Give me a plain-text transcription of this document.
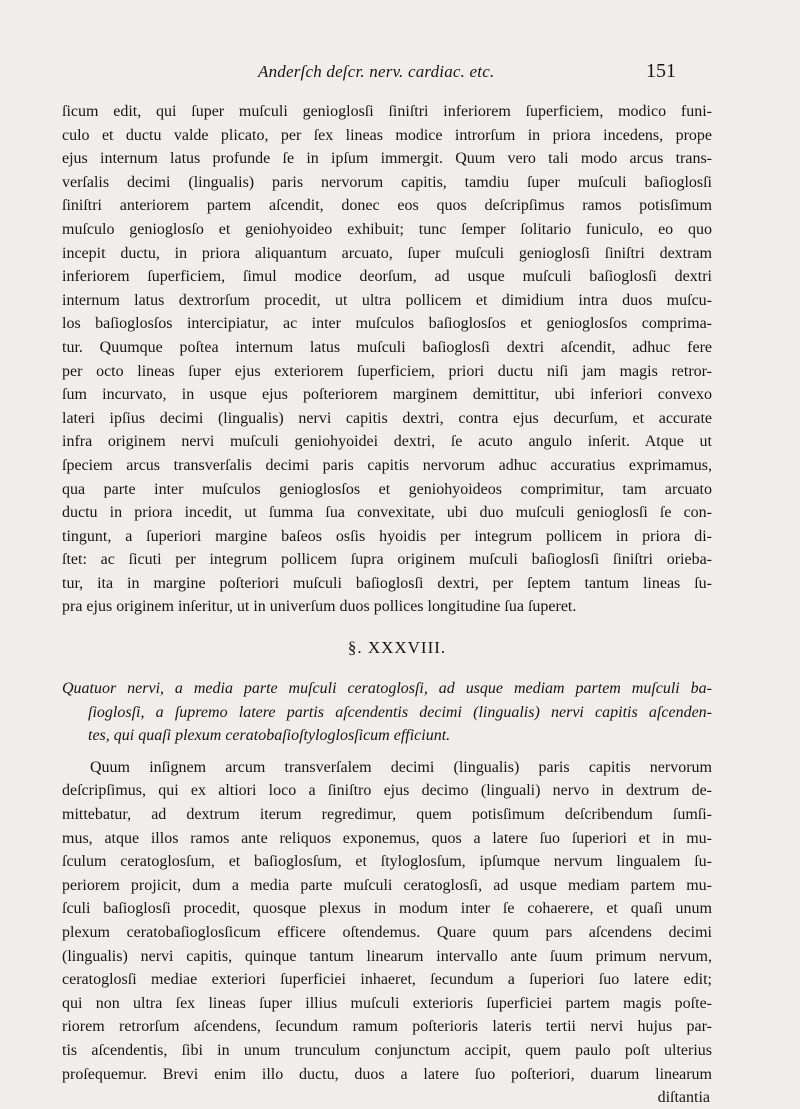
Anderſch deſcr. nerv. cardiac. etc.	151
ſicum edit, qui ſuper muſculi genioglosſi ſiniſtri inferiorem ſuperficiem, modico funi-
culo et ductu valde plicato, per ſex lineas modice introrſum in priora incedens, prope
ejus internum latus profunde ſe in ipſum immergit. Quum vero tali modo arcus trans-
verſalis decimi (lingualis) paris nervorum capitis, tamdiu ſuper muſculi baſioglosſi
ſiniſtri anteriorem partem aſcendit, donec eos quos deſcripſimus ramos potisſimum
muſculo genioglosſo et geniohyoideo exhibuit; tunc ſemper ſolitario funiculo, eo quo
incepit ductu, in priora aliquantum arcuato, ſuper muſculi genioglosſi ſiniſtri dextram
inferiorem ſuperficiem, ſimul modice deorſum, ad usque muſculi baſioglosſi dextri
internum latus dextrorſum procedit, ut ultra pollicem et dimidium intra duos muſcu-
los baſioglosſos intercipiatur, ac inter muſculos baſioglosſos et genioglosſos comprima-
tur. Quumque poſtea internum latus muſculi baſioglosſi dextri aſcendit, adhuc fere
per octo lineas ſuper ejus exteriorem ſuperficiem, priori ductu niſi jam magis retror-
ſum incurvato, in usque ejus poſteriorem marginem demittitur, ubi inferiori convexo
lateri ipſius decimi (lingualis) nervi capitis dextri, contra ejus decurſum, et accurate
infra originem nervi muſculi geniohyoidei dextri, ſe acuto angulo inſerit. Atque ut
ſpeciem arcus transverſalis decimi paris capitis nervorum adhuc accuratius exprimamus,
qua parte inter muſculos genioglosſos et geniohyoideos comprimitur, tam arcuato
ductu in priora incedit, ut ſumma ſua convexitate, ubi duo muſculi genioglosſi ſe con-
tingunt, a ſuperiori margine baſeos osſis hyoidis per integrum pollicem in priora di-
ſtet: ac ſicuti per integrum pollicem ſupra originem muſculi baſioglosſi ſiniſtri orieba-
tur, ita in margine poſteriori muſculi baſioglosſi dextri, per ſeptem tantum lineas ſu-
pra ejus originem inſeritur, ut in univerſum duos pollices longitudine ſua ſuperet.
§. XXXVIII.
Quatuor nervi, a media parte muſculi ceratoglosſi, ad usque mediam partem muſculi ba-
ſioglosſi, a ſupremo latere partis aſcendentis decimi (lingualis) nervi capitis aſcenden-
tes, qui quaſi plexum ceratobaſioſtyloglosſicum efficiunt.
Quum inſignem arcum transverſalem decimi (lingualis) paris capitis nervorum
deſcripſimus, qui ex altiori loco a ſiniſtro ejus decimo (linguali) nervo in dextrum de-
mittebatur, ad dextrum iterum regredimur, quem potisſimum deſcribendum ſumſi-
mus, atque illos ramos ante reliquos exponemus, quos a latere ſuo ſuperiori et in mu-
ſculum ceratoglosſum, et baſioglosſum, et ſtyloglosſum, ipſumque nervum lingualem ſu-
periorem projicit, dum a media parte muſculi ceratoglosſi, ad usque mediam partem mu-
ſculi baſioglosſi procedit, quosque plexus in modum inter ſe cohaerere, et quaſi unum
plexum ceratobaſioglosſicum efficere oſtendemus. Quare quum pars aſcendens decimi
(lingualis) nervi capitis, quinque tantum linearum intervallo ante ſuum primum nervum,
ceratoglosſi mediae exteriori ſuperficiei inhaeret, ſecundum a ſuperiori ſuo latere edit;
qui non ultra ſex lineas ſuper illius muſculi exterioris ſuperficiei partem magis poſte-
riorem retrorſum aſcendens, ſecundum ramum poſterioris lateris tertii nervi hujus par-
tis aſcendentis, ſibi in unum trunculum conjunctum accipit, quem paulo poſt ulterius
proſequemur. Brevi enim illo ductu, duos a latere ſuo poſteriori, duarum linearum
diſtantia
